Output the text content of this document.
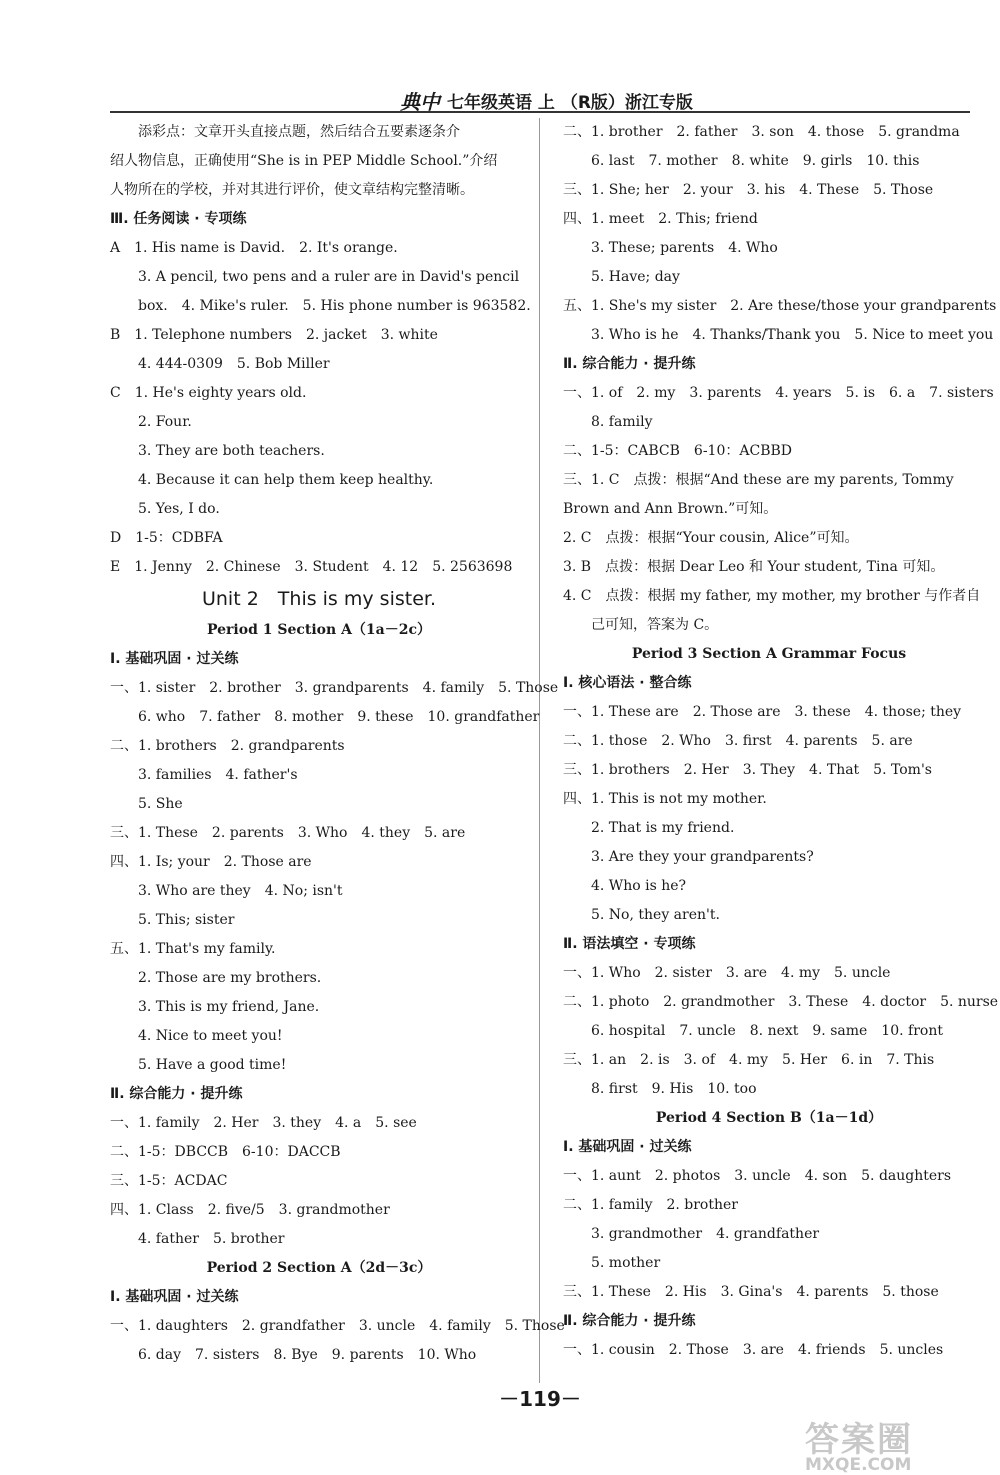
典中 七年级英语 上 （R版）浙江专版
　　添彩点：文章开头直接点题，然后结合五要素逐条介
绍人物信息，正确使用“She is in PEP Middle School.”介绍
人物所在的学校，并对其进行评价，使文章结构完整清晰。
Ⅲ. 任务阅读 · 专项练
A　1. His name is David.　2. It's orange.
　　3. A pencil, two pens and a ruler are in David's pencil
　　box.　4. Mike's ruler.　5. His phone number is 963582.
B　1. Telephone numbers　2. jacket　3. white
　　4. 444-0309　5. Bob Miller
C　1. He's eighty years old.
　　2. Four.
　　3. They are both teachers.
　　4. Because it can help them keep healthy.
　　5. Yes, I do.
D　1-5：CDBFA
E　1. Jenny　2. Chinese　3. Student　4. 12　5. 2563698
Unit 2　This is my sister.
Period 1 Section A（1a－2c）
Ⅰ. 基础巩固 · 过关练
一、1. sister　2. brother　3. grandparents　4. family　5. Those
　　6. who　7. father　8. mother　9. these　10. grandfather
二、1. brothers　2. grandparents
　　3. families　4. father's
　　5. She
三、1. These　2. parents　3. Who　4. they　5. are
四、1. Is; your　2. Those are
　　3. Who are they　4. No; isn't
　　5. This; sister
五、1. That's my family.
　　2. Those are my brothers.
　　3. This is my friend, Jane.
　　4. Nice to meet you!
　　5. Have a good time!
Ⅱ. 综合能力 · 提升练
一、1. family　2. Her　3. they　4. a　5. see
二、1-5：DBCCB　6-10：DACCB
三、1-5：ACDAC
四、1. Class　2. five/5　3. grandmother
　　4. father　5. brother
Period 2 Section A（2d－3c）
Ⅰ. 基础巩固 · 过关练
一、1. daughters　2. grandfather　3. uncle　4. family　5. Those
　　6. day　7. sisters　8. Bye　9. parents　10. Who
二、1. brother　2. father　3. son　4. those　5. grandma
　　6. last　7. mother　8. white　9. girls　10. this
三、1. She; her　2. your　3. his　4. These　5. Those
四、1. meet　2. This; friend
　　3. These; parents　4. Who
　　5. Have; day
五、1. She's my sister　2. Are these/those your grandparents
　　3. Who is he　4. Thanks/Thank you　5. Nice to meet you
Ⅱ. 综合能力 · 提升练
一、1. of　2. my　3. parents　4. years　5. is　6. a　7. sisters
　　8. family
二、1-5：CABCB　6-10：ACBBD
三、1. C　点拨：根据“And these are my parents, Tommy
Brown and Ann Brown.”可知。
2. C　点拨：根据“Your cousin, Alice”可知。
3. B　点拨：根据 Dear Leo 和 Your student, Tina 可知。
4. C　点拨：根据 my father, my mother, my brother 与作者自
　　己可知，答案为 C。
Period 3 Section A Grammar Focus
Ⅰ. 核心语法 · 整合练
一、1. These are　2. Those are　3. these　4. those; they
二、1. those　2. Who　3. first　4. parents　5. are
三、1. brothers　2. Her　3. They　4. That　5. Tom's
四、1. This is not my mother.
　　2. That is my friend.
　　3. Are they your grandparents?
　　4. Who is he?
　　5. No, they aren't.
Ⅱ. 语法填空 · 专项练
一、1. Who　2. sister　3. are　4. my　5. uncle
二、1. photo　2. grandmother　3. These　4. doctor　5. nurse
　　6. hospital　7. uncle　8. next　9. same　10. front
三、1. an　2. is　3. of　4. my　5. Her　6. in　7. This
　　8. first　9. His　10. too
Period 4 Section B（1a－1d）
Ⅰ. 基础巩固 · 过关练
一、1. aunt　2. photos　3. uncle　4. son　5. daughters
二、1. family　2. brother
　　3. grandmother　4. grandfather
　　5. mother
三、1. These　2. His　3. Gina's　4. parents　5. those
Ⅱ. 综合能力 · 提升练
一、1. cousin　2. Those　3. are　4. friends　5. uncles
－119－
答案圈
MXQE.COM
